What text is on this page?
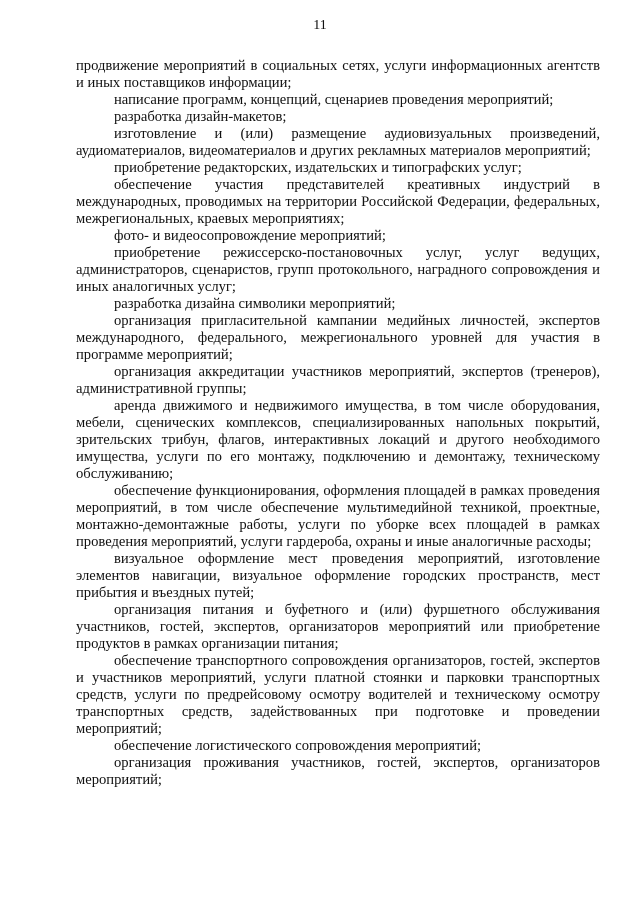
11

продвижение мероприятий в социальных сетях, услуги информационных агентств и иных поставщиков информации;

написание программ, концепций, сценариев проведения мероприятий;

разработка дизайн-макетов;

изготовление и (или) размещение аудиовизуальных произведений, аудиоматериалов, видеоматериалов и других рекламных материалов мероприятий;

приобретение редакторских, издательских и типографских услуг;

обеспечение участия представителей креативных индустрий в международных, проводимых на территории Российской Федерации, федеральных, межрегиональных, краевых мероприятиях;

фото- и видеосопровождение мероприятий;

приобретение режиссерско-постановочных услуг, услуг ведущих, администраторов, сценаристов, групп протокольного, наградного сопровождения и иных аналогичных услуг;

разработка дизайна символики мероприятий;

организация пригласительной кампании медийных личностей, экспертов международного, федерального, межрегионального уровней для участия в программе мероприятий;

организация аккредитации участников мероприятий, экспертов (тренеров), административной группы;

аренда движимого и недвижимого имущества, в том числе оборудования, мебели, сценических комплексов, специализированных напольных покрытий, зрительских трибун, флагов, интерактивных локаций и другого необходимого имущества, услуги по его монтажу, подключению и демонтажу, техническому обслуживанию;

обеспечение функционирования, оформления площадей в рамках проведения мероприятий, в том числе обеспечение мультимедийной техникой, проектные, монтажно-демонтажные работы, услуги по уборке всех площадей в рамках проведения мероприятий, услуги гардероба, охраны и иные аналогичные расходы;

визуальное оформление мест проведения мероприятий, изготовление элементов навигации, визуальное оформление городских пространств, мест прибытия и въездных путей;

организация питания и буфетного и (или) фуршетного обслуживания участников, гостей, экспертов, организаторов мероприятий или приобретение продуктов в рамках организации питания;

обеспечение транспортного сопровождения организаторов, гостей, экспертов и участников мероприятий, услуги платной стоянки и парковки транспортных средств, услуги по предрейсовому осмотру водителей и техническому осмотру транспортных средств, задействованных при подготовке и проведении мероприятий;

обеспечение логистического сопровождения мероприятий;

организация проживания участников, гостей, экспертов, организаторов мероприятий;
